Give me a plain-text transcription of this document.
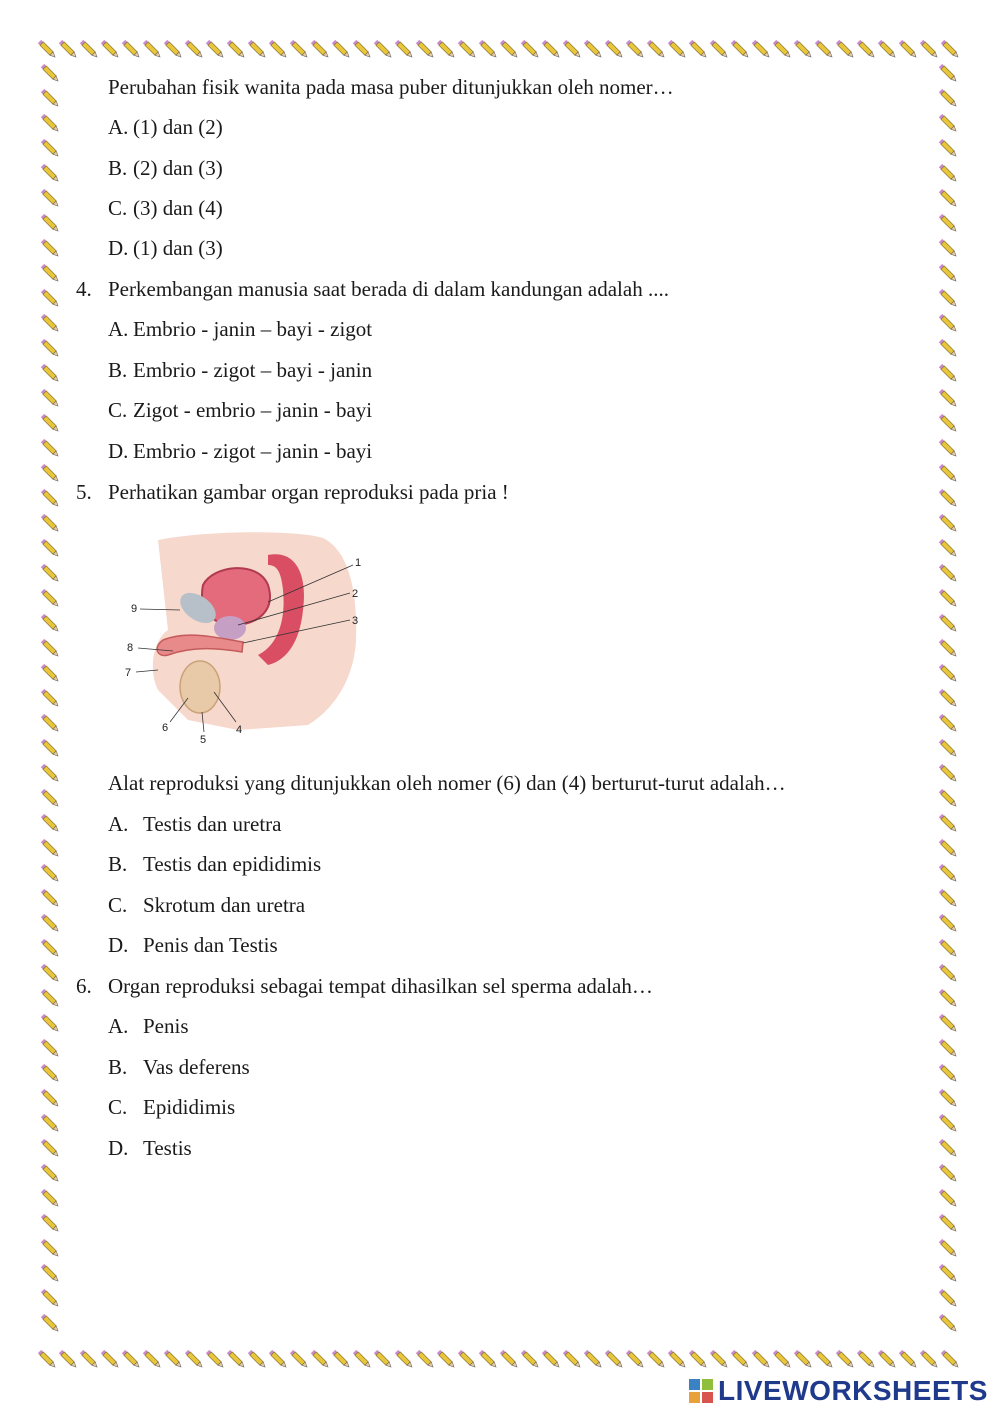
Perubahan fisik wanita pada masa puber ditunjukkan oleh nomer…
A. (1) dan (2)
B. (2) dan (3)
C. (3) dan (4)
D. (1) dan (3)
4. Perkembangan manusia saat berada di dalam kandungan adalah ....
A. Embrio - janin – bayi - zigot
B. Embrio - zigot – bayi - janin
C. Zigot - embrio – janin - bayi
D. Embrio - zigot – janin - bayi
5. Perhatikan gambar organ reproduksi pada pria !
1
2
3
4
5
6
7
8
9
Alat reproduksi yang ditunjukkan oleh nomer (6) dan (4) berturut-turut adalah…
A. Testis dan uretra
B. Testis dan epididimis
C. Skrotum dan uretra
D. Penis dan Testis
6. Organ reproduksi sebagai tempat dihasilkan sel sperma adalah…
A. Penis
B. Vas deferens
C. Epididimis
D. Testis
LIVEWORKSHEETS
